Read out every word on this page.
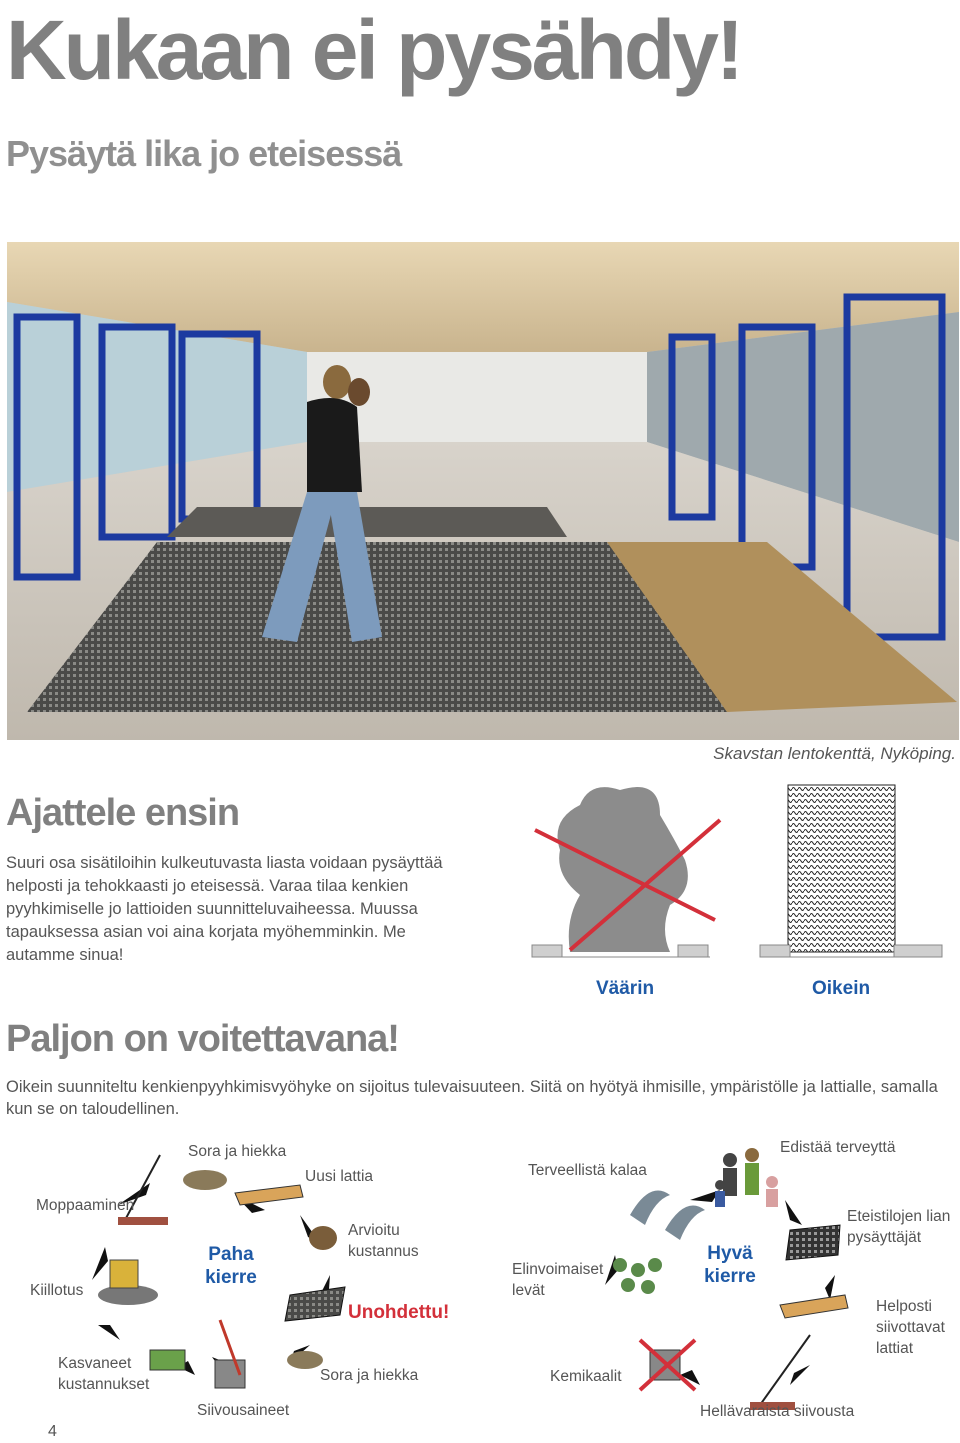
Kukaan ei pysähdy!
Pysäytä lika jo eteisessä
Skavstan lentokenttä, Nyköping.
Ajattele ensin
Suuri osa sisätiloihin kulkeutuvasta liasta voidaan pysäyttää helposti ja tehokkaasti jo eteisessä. Varaa tilaa kenkien pyyhkimiselle jo lattioiden suunnitteluvaiheessa. Muussa tapauksessa asian voi aina korjata myöhemminkin. Me autamme sinua!
Väärin	Oikein
Paljon on voitettavana!
Oikein suunniteltu kenkienpyyhkimisvyöhyke on sijoitus tulevaisuuteen. Siitä on hyötyä ihmisille, ympäristölle ja lattialle, samalla kun se on taloudellinen.
Sora ja hiekka
Uusi lattia
Moppaaminen
Arvioitu
kustannus
Paha
kierre
Kiillotus
Unohdettu!
Kasvaneet
kustannukset
Sora ja hiekka
Siivousaineet
Edistää terveyttä
Terveellistä kalaa
Eteistilojen lian
pysäyttäjät
Hyvä
kierre
Elinvoimaiset
levät
Helposti
siivottavat
lattiat
Kemikaalit
Hellävaraista siivousta
4
